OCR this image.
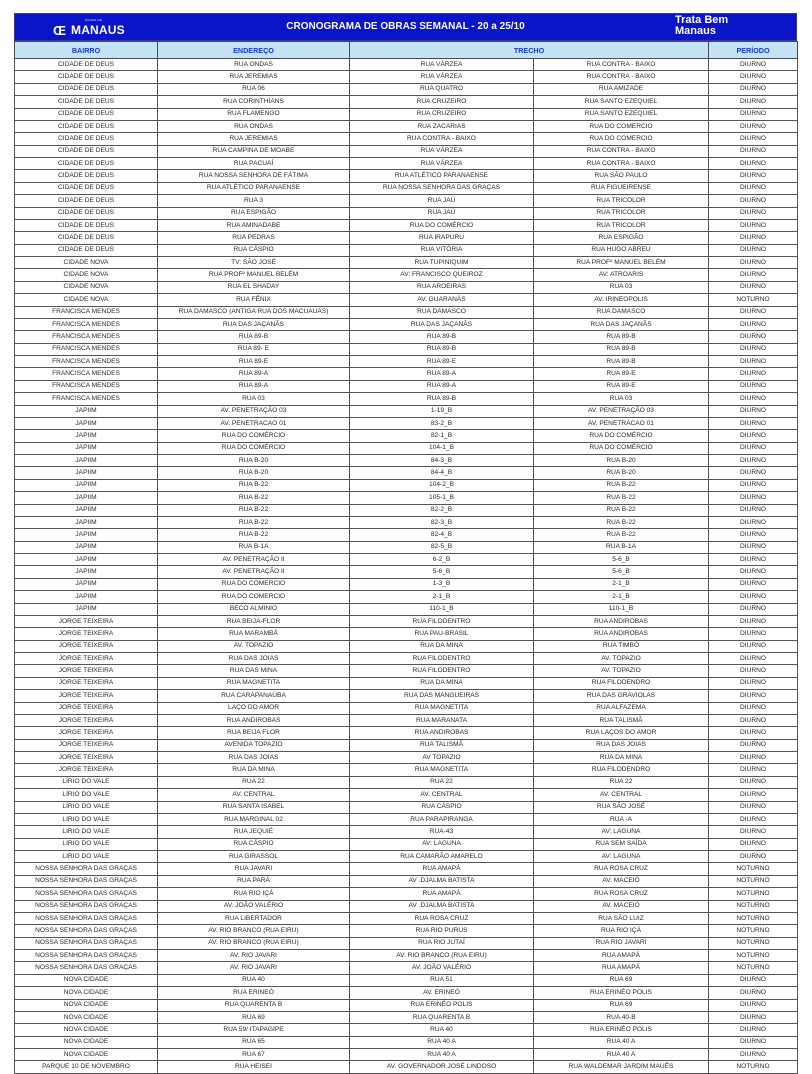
ÁGUAS DE
Œ MANAUS	CRONOGRAMA DE OBRAS SEMANAL - 20 a 25/10
Trata Bem
Manaus
BAIRRO	ENDEREÇO	TRECHO		PERÍODO
CIDADE DE DEUS	RUA ONDAS	RUA VÁRZEA	RUA CONTRA - BAIXO	DIURNO
CIDADE DE DEUS	RUA JEREMIAS	RUA VÁRZEA	RUA CONTRA - BAIXO	DIURNO
CIDADE DE DEUS	RUA 06	RUA QUATRO	RUA AMIZADE	DIURNO
CIDADE DE DEUS	RUA CORINTHIANS	RUA CRUZEIRO	RUA SANTO EZEQUIEL	DIURNO
CIDADE DE DEUS	RUA FLAMENGO	RUA CRUZEIRO	RUA SANTO EZEQUIEL	DIURNO
CIDADE DE DEUS	RUA ONDAS	RUA ZACARIAS	RUA DO COMERCIO	DIURNO
CIDADE DE DEUS	RUA JEREMIAS	RUA CONTRA - BAIXO	RUA DO COMERCIO	DIURNO
CIDADE DE DEUS	RUA CAMPINA DE MOABE	RUA VÁRZEA	RUA CONTRA - BAIXO	DIURNO
CIDADE DE DEUS	RUA PACUAÍ	RUA VÁRZEA	RUA CONTRA - BAIXO	DIURNO
CIDADE DE DEUS	RUA NOSSA SENHORA DE FÁTIMA	RUA ATLÉTICO PARANAENSE	RUA SÃO PAULO	DIURNO
CIDADE DE DEUS	RUA ATLÉTICO PARANAENSE	RUA NOSSA SENHORA DAS GRAÇAS	RUA FIGUEIRENSE	DIURNO
CIDADE DE DEUS	RUA 3	RUA JAÚ	RUA TRICOLOR	DIURNO
CIDADE DE DEUS	RUA ESPIGÃO	RUA JAÚ	RUA TRICOLOR	DIURNO
CIDADE DE DEUS	RUA AMINADABE	RUA DO COMÉRCIO	RUA TRICOLOR	DIURNO
CIDADE DE DEUS	RUA PEDRAS	RUA IRAPURU	RUA ESPIGÃO	DIURNO
CIDADE DE DEUS	RUA CÁSPIO	RUA VITÓRIA	RUA HUGO ABREU	DIURNO
CIDADE NOVA	TV: SÃO JOSÉ	RUA TUPINIQUIM	RUA PROFº MANUEL BELÉM	DIURNO
CIDADE NOVA	RUA PROFº MANUEL BELÉM	AV: FRANCISCO QUEIROZ	AV: ATROARIS	DIURNO
CIDADE NOVA	RUA EL SHADAY	RUA AROEIRAS	RUA 03	DIURNO
CIDADE NOVA	RUA FÊNIX	AV. GUARANÁS	AV. IRINEOPOLIS	NOTURNO
FRANCISCA MENDES	RUA DAMASCO (ANTIGA RUA DOS MACUAUAS)	RUA DAMASCO	RUA DAMASCO	DIURNO
FRANCISCA MENDES	RUA DAS JAÇANÃS	RUA DAS JAÇANÃS	RUA DAS JAÇANÃS	DIURNO
FRANCISCA MENDES	RUA 89-B	RUA 89-B	RUA 89-B	DIURNO
FRANCISCA MENDES	RUA 89- E	RUA 89-B	RUA 89-B	DIURNO
FRANCISCA MENDES	RUA 89-E	RUA 89-E	RUA 89-B	DIURNO
FRANCISCA MENDES	RUA 89-A	RUA 89-A	RUA 89-E	DIURNO
FRANCISCA MENDES	RUA 89-A	RUA 89-A	RUA 89-E	DIURNO
FRANCISCA MENDES	RUA 03	RUA 89-B	RUA 03	DIURNO
JAPIIM	AV. PENETRAÇÃO 03	1-19_B	AV. PENETRAÇÃO 03	DIURNO
JAPIIM	AV. PENETRACAO 01	83-2_B	AV. PENETRACAO 01	DIURNO
JAPIIM	RUA DO COMÉRCIO	82-1_B	RUA DO COMÉRCIO	DIURNO
JAPIIM	RUA DO COMÉRCIO	104-1_B	RUA DO COMÉRCIO	DIURNO
JAPIIM	RUA B-20	84-3_B	RUA B-20	DIURNO
JAPIIM	RUA B-20	84-4_B	RUA B-20	DIURNO
JAPIIM	RUA B-22	104-2_B	RUA B-22	DIURNO
JAPIIM	RUA B-22	105-1_B	RUA B-22	DIURNO
JAPIIM	RUA B-22	82-2_B	RUA B-22	DIURNO
JAPIIM	RUA B-22	82-3_B	RUA B-22	DIURNO
JAPIIM	RUA B-22	82-4_B	RUA B-22	DIURNO
JAPIIM	RUA B-1A	82-5_B	RUA B-1A	DIURNO
JAPIIM	AV. PENETRAÇÃO II	6-2_B	5-6_B	DIURNO
JAPIIM	AV. PENETRAÇÃO II	5-6_B	5-6_B	DIURNO
JAPIIM	RUA DO COMERCIO	1-3_B	2-1_B	DIURNO
JAPIIM	RUA DO COMERCIO	2-1_B	2-1_B	DIURNO
JAPIIM	BECO ALMINIO	110-1_B	110-1_B	DIURNO
JORGE TEIXEIRA	RUA BEIJA-FLOR	RUA FILODENTRO	RUA ANDIROBAS	DIURNO
JORGE TEIXEIRA	RUA MARAMBÁ	RUA PAU-BRASIL	RUA ANDIROBAS	DIURNO
JORGE TEIXEIRA	AV. TOPAZIO	RUA DA MINA	RUA TIMBÓ	DIURNO
JORGE TEIXEIRA	RUA DAS JOIAS	RUA FILODENTRO	AV. TOPAZIO	DIURNO
JORGE TEIXEIRA	RUA DAS MINA	RUA FILODENTRO	AV. TOPAZIO	DIURNO
JORGE TEIXEIRA	RUA MAGNETITA	RUA DA MINA	RUA FILODENDRO	DIURNO
JORGE TEIXEIRA	RUA CARAPANAÚBA	RUA DAS MANGUEIRAS	RUA DAS GRAVIOLAS	DIURNO
JORGE TEIXEIRA	LAÇO DO AMOR	RUA MAGNETITA	RUA ALFAZEMA	DIURNO
JORGE TEIXEIRA	RUA ANDIROBAS	RUA MARANATA	RUA TALISMÃ	DIURNO
JORGE TEIXEIRA	RUA BEIJA FLOR	RUA ANDIROBAS	RUA LAÇOS DO AMOR	DIURNO
JORGE TEIXEIRA	AVENIDA TOPAZIO	RUA TALISMÃ	RUA DAS JOIAS	DIURNO
JORGE TEIXEIRA	RUA DAS JOIAS	AV TOPAZIO	RUA DA MINA	DIURNO
JORGE TEIXEIRA	RUA DA MINA	RUA MAGNETITA	RUA FILODENDRO	DIURNO
LÍRIO DO VALE	RUA 22	RUA 22	RUA 22	DIURNO
LÍRIO DO VALE	AV. CENTRAL	AV. CENTRAL	AV. CENTRAL	DIURNO
LÍRIO DO VALE	RUA SANTA ISABEL	RUA CÁSPIO	RUA SÃO JOSÉ	DIURNO
LIRIO DO VALE	RUA MARGINAL 02	RUA PARAPIRANGA	RUA -A	DIURNO
LIRIO DO VALE	RUA JEQUIÉ	RUA-43	AV: LAGUNA	DIURNO
LIRIO DO VALE	RUA CÁSPIO	AV: LAGUNA	RUA SEM SAÍDA	DIURNO
LIRIO DO VALE	RUA GIRASSOL	RUA CAMARÃO AMARELO	AV: LAGUNA	DIURNO
NOSSA SENHORA DAS GRAÇAS	RUA JAVARI	RUA AMAPÁ	RUA ROSA CRUZ	NOTURNO
NOSSA SENHORA DAS GRAÇAS	RUA PARÁ	AV .DJALMA BATISTA	AV. MACEIÓ	NOTURNO
NOSSA SENHORA DAS GRAÇAS	RUA RIO IÇÁ	RUA AMAPÁ	RUA ROSA CRUZ	NOTURNO
NOSSA SENHORA DAS GRAÇAS	AV. JOÃO VALÉRIO	AV .DJALMA BATISTA	AV. MACEIÓ	NOTURNO
NOSSA SENHORA DAS GRAÇAS	RUA LIBERTADOR	RUA ROSA CRUZ	RUA SÃO LUIZ	NOTURNO
NOSSA SENHORA DAS GRAÇAS	AV. RIO BRANCO (RUA EIRU)	RUA RIO PURUS	RUA RIO IÇÁ	NOTURNO
NOSSA SENHORA DAS GRAÇAS	AV. RIO BRANCO (RUA EIRU)	RUA RIO JUTAÍ	RUA RIO JAVARI	NOTURNO
NOSSA SENHORA DAS GRAÇAS	AV. RIO JAVARI	AV. RIO BRANCO (RUA EIRU)	RUA AMAPÁ	NOTURNO
NOSSA SENHORA DAS GRAÇAS	AV. RIO JAVARI	AV. JOÃO VALÉRIO	RUA AMAPÁ	NOTURNO
NOVA CIDADE	RUA 40	RUA 51	RUA 69	DIURNO
NOVA CIDADE	RUA ERINEÓ	AV. ERINEÓ	RUA ERINÉO POLIS	DIURNO
NOVA CIDADE	RUA QUARENTA B	RUA ERINÉO POLIS	RUA 69	DIURNO
NOVA CIDADE	RUA 69	RUA QUARENTA B	RUA 40-B	DIURNO
NOVA CIDADE	RUA 59/ ITAPAGIPE	RUA 40	RUA ERINÉO POLIS	DIURNO
NOVA CIDADE	RUA 65	RUA 40 A	RUA 40 A	DIURNO
NOVA CIDADE	RUA 67	RUA 40 A	RUA 40 A	DIURNO
PARQUE 10 DE NOVEMBRO	RUA HEISEI	AV. GOVERNADOR JOSÉ LINDOSO	RUA WALDEMAR JARDIM MAUÊS	NOTURNO
